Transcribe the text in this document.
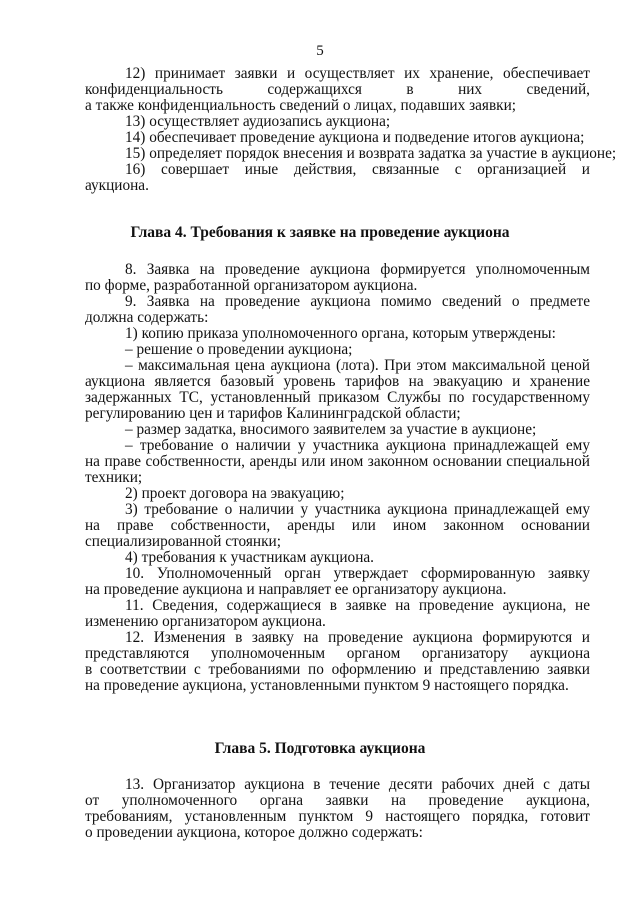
5
12) принимает заявки и осуществляет их хранение, обеспечивает
конфиденциальность содержащихся в них сведений,
а также конфиденциальность сведений о лицах, подавших заявки;
13) осуществляет аудиозапись аукциона;
14) обеспечивает проведение аукциона и подведение итогов аукциона;
15) определяет порядок внесения и возврата задатка за участие в аукционе;
16) совершает иные действия, связанные с организацией и
аукциона.
Глава 4. Требования к заявке на проведение аукциона
8. Заявка на проведение аукциона формируется уполномоченным
по форме, разработанной организатором аукциона.
9. Заявка на проведение аукциона помимо сведений о предмете
должна содержать:
1) копию приказа уполномоченного органа, которым утверждены:
– решение о проведении аукциона;
– максимальная цена аукциона (лота). При этом максимальной ценой
аукциона является базовый уровень тарифов на эвакуацию и хранение
задержанных ТС, установленный приказом Службы по государственному
регулированию цен и тарифов Калининградской области;
– размер задатка, вносимого заявителем за участие в аукционе;
– требование о наличии у участника аукциона принадлежащей ему
на праве собственности, аренды или ином законном основании специальной
техники;
2) проект договора на эвакуацию;
3) требование о наличии у участника аукциона принадлежащей ему
на праве собственности, аренды или ином законном основании
специализированной стоянки;
4) требования к участникам аукциона.
10. Уполномоченный орган утверждает сформированную заявку
на проведение аукциона и направляет ее организатору аукциона.
11. Сведения, содержащиеся в заявке на проведение аукциона, не
изменению организатором аукциона.
12. Изменения в заявку на проведение аукциона формируются и
представляются уполномоченным органом организатору аукциона
в соответствии с требованиями по оформлению и представлению заявки
на проведение аукциона, установленными пунктом 9 настоящего порядка.
Глава 5. Подготовка аукциона
13. Организатор аукциона в течение десяти рабочих дней с даты
от уполномоченного органа заявки на проведение аукциона,
требованиям, установленным пунктом 9 настоящего порядка, готовит
о проведении аукциона, которое должно содержать:
